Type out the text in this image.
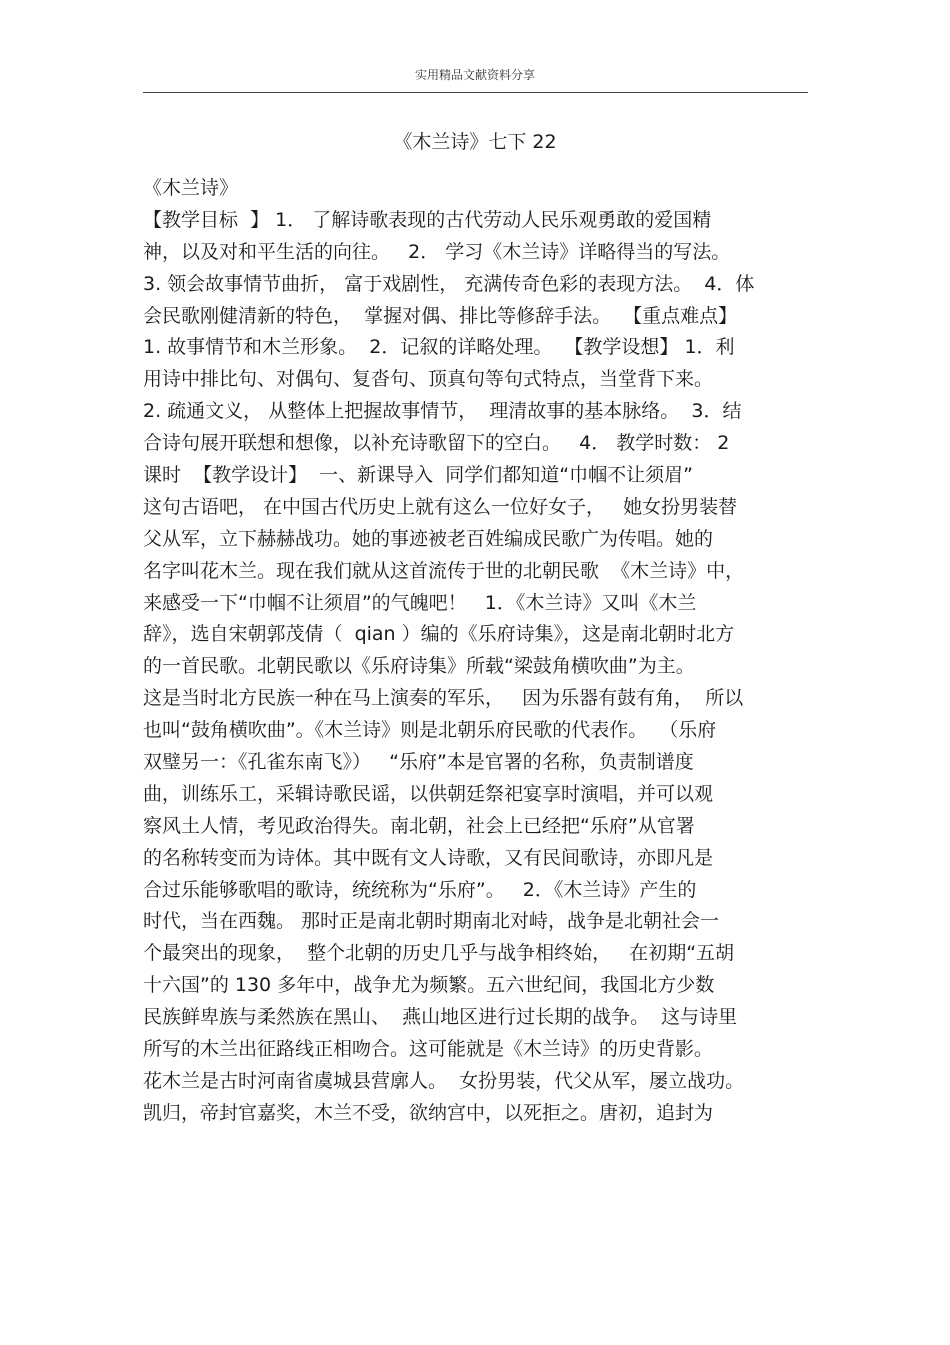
实用精品文献资料分享
《木兰诗》七下 22
《木兰诗》
【教学目标  】 1． 了解诗歌表现的古代劳动人民乐观勇敢的爱国精
神，以及对和平生活的向往。   2． 学习《木兰诗》详略得当的写法。
3. 领会故事情节曲折， 富于戏剧性， 充满传奇色彩的表现方法。  4．体
会民歌刚健清新的特色，  掌握对偶、排比等修辞手法。  【重点难点】
1. 故事情节和木兰形象。  2．记叙的详略处理。  【教学设想】 1．利
用诗中排比句、对偶句、复沓句、顶真句等句式特点，当堂背下来。
2. 疏通文义， 从整体上把握故事情节，  理清故事的基本脉络。  3．结
合诗句展开联想和想像，以补充诗歌留下的空白。   4． 教学时数： 2
课时  【教学设计】  一、新课导入  同学们都知道“巾帼不让须眉”
这句古语吧， 在中国古代历史上就有这么一位好女子，   她女扮男装替
父从军，立下赫赫战功。她的事迹被老百姓编成民歌广为传唱。她的
名字叫花木兰。现在我们就从这首流传于世的北朝民歌  《木兰诗》中，
来感受一下“巾帼不让须眉”的气魄吧！   1．《木兰诗》又叫《木兰
辞》，选自宋朝郭茂倩（  qian ）编的《乐府诗集》，这是南北朝时北方
的一首民歌。北朝民歌以《乐府诗集》所载“梁鼓角横吹曲”为主。
这是当时北方民族一种在马上演奏的军乐，   因为乐器有鼓有角，  所以
也叫“鼓角横吹曲”。《木兰诗》则是北朝乐府民歌的代表作。  （乐府
双璧另一：《孔雀东南飞》）   “乐府”本是官署的名称，负责制谱度
曲，训练乐工，采辑诗歌民谣，以供朝廷祭祀宴享时演唱，并可以观
察风土人情，考见政治得失。南北朝，社会上已经把“乐府”从官署
的名称转变而为诗体。其中既有文人诗歌，又有民间歌诗，亦即凡是
合过乐能够歌唱的歌诗，统统称为“乐府”。   2．《木兰诗》产生的
时代，当在西魏。 那时正是南北朝时期南北对峙，战争是北朝社会一
个最突出的现象，  整个北朝的历史几乎与战争相终始，   在初期“五胡
十六国”的 130 多年中，战争尤为频繁。五六世纪间，我国北方少数
民族鲜卑族与柔然族在黑山、  燕山地区进行过长期的战争。  这与诗里
所写的木兰出征路线正相吻合。这可能就是《木兰诗》的历史背影。
花木兰是古时河南省虞城县营廓人。  女扮男装，代父从军，屡立战功。
凯归，帝封官嘉奖，木兰不受，欲纳宫中，以死拒之。唐初，追封为
